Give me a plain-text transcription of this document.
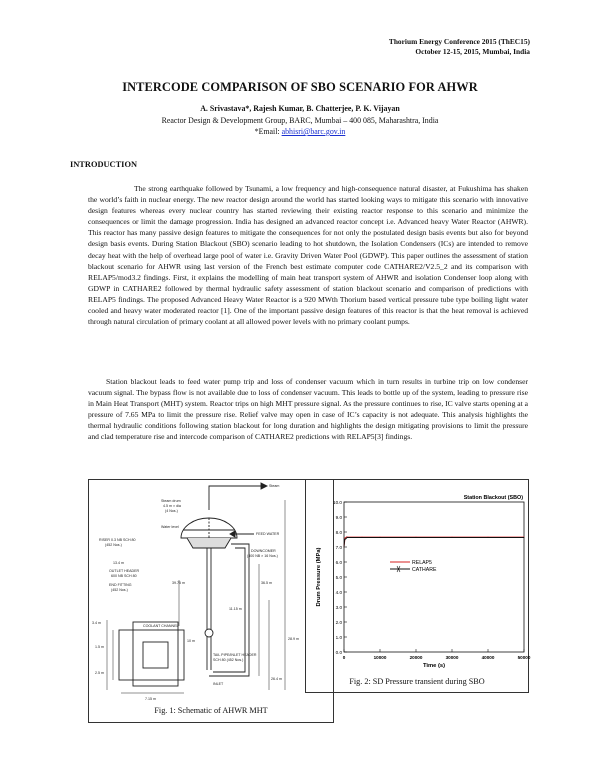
Thorium Energy Conference 2015 (ThEC15)
October 12-15, 2015, Mumbai, India
INTERCODE COMPARISON OF SBO SCENARIO FOR AHWR
A. Srivastava*, Rajesh Kumar, B. Chatterjee, P. K. Vijayan
Reactor Design & Development Group, BARC, Mumbai – 400 085, Maharashtra, India
*Email: abhisri@barc.gov.in
INTRODUCTION
The strong earthquake followed by Tsunami, a low frequency and high-consequence natural disaster, at Fukushima has shaken the world’s faith in nuclear energy. The new reactor design around the world has started looking ways to mitigate this scenario with innovative design features whereas every nuclear country has started reviewing their existing reactor response to this scenario and minimize the consequences or limit the damage progression. India has designed an advanced reactor concept i.e. Advanced heavy Water Reactor (AHWR). This reactor has many passive design features to mitigate the consequences for not only the postulated design basis events but also for beyond design basis events. During Station Blackout (SBO) scenario leading to hot shutdown, the Isolation Condensers (ICs) are intended to remove decay heat with the help of overhead large pool of water i.e. Gravity Driven Water Pool (GDWP). This paper outlines the assessment of station blackout scenario for AHWR using last version of the French best estimate computer code CATHARE2/V2.5_2 and its comparison with RELAP5/mod3.2 findings. First, it explains the modelling of main heat transport system of AHWR and isolation Condenser loop along with GDWP in CATHARE2 followed by thermal hydraulic safety assessment of station blackout scenario and comparison of predictions with RELAP5 findings. The proposed Advanced Heavy Water Reactor is a 920 MWth Thorium based vertical pressure tube type boiling light water cooled and heavy water moderated reactor [1]. One of the important passive design features of this reactor is that the heat removal is achieved through natural circulation of primary coolant at all allowed power levels with no primary coolant pumps.
Station blackout leads to feed water pump trip and loss of condenser vacuum which in turn results in turbine trip on low condenser vacuum signal. The bypass flow is not available due to loss of condenser vacuum. This leads to bottle up of the system, leading to pressure rise in Main Heat Transport (MHT) system. Reactor trips on high MHT pressure signal. As the pressure continues to rise, IC valve starts opening at a pressure of 7.65 MPa to limit the pressure rise. Relief valve may open in case of IC’s capacity is not adequate. This analysis highlights the thermal hydraulic conditions following station blackout for long duration and highlights the design mitigating provisions to limit the pressure and clad temperature rise and intercode comparison of CATHARE2 predictions with RELAP5[3] findings.
Steam
Steam drum
4.5 m × dia
(4 Nos.)
Water level
FEED WATER
RISER 0.3 NB SCH 80
(452 Nos.)
DOWNCOMER
(300 NB × 16 Nos.)
13.4 m
OUTLET HEADER
600 NB SCH 80
39.75 m	36.5 m
END FITTING
(452 Nos.)
28.9 m
3.4 m
1.5 m
2.5 m
7.15 m
10 m
26.4 m
11.15 m
COOLANT CHANNEL
TAIL PIPE/INLET HEADER
SCH 80 (452 Nos.)
INLET
Fig. 1: Schematic of AHWR MHT
0	10000	20000	30000	40000	50000
0.0
1.0
2.0
3.0
4.0
5.0
6.0
7.0
8.0
9.0
10.0
Station Blackout (SBO)
Time (s)
Drum Pressure (MPa)	RELAP5
CATHARE
Fig. 2: SD Pressure transient during SBO
